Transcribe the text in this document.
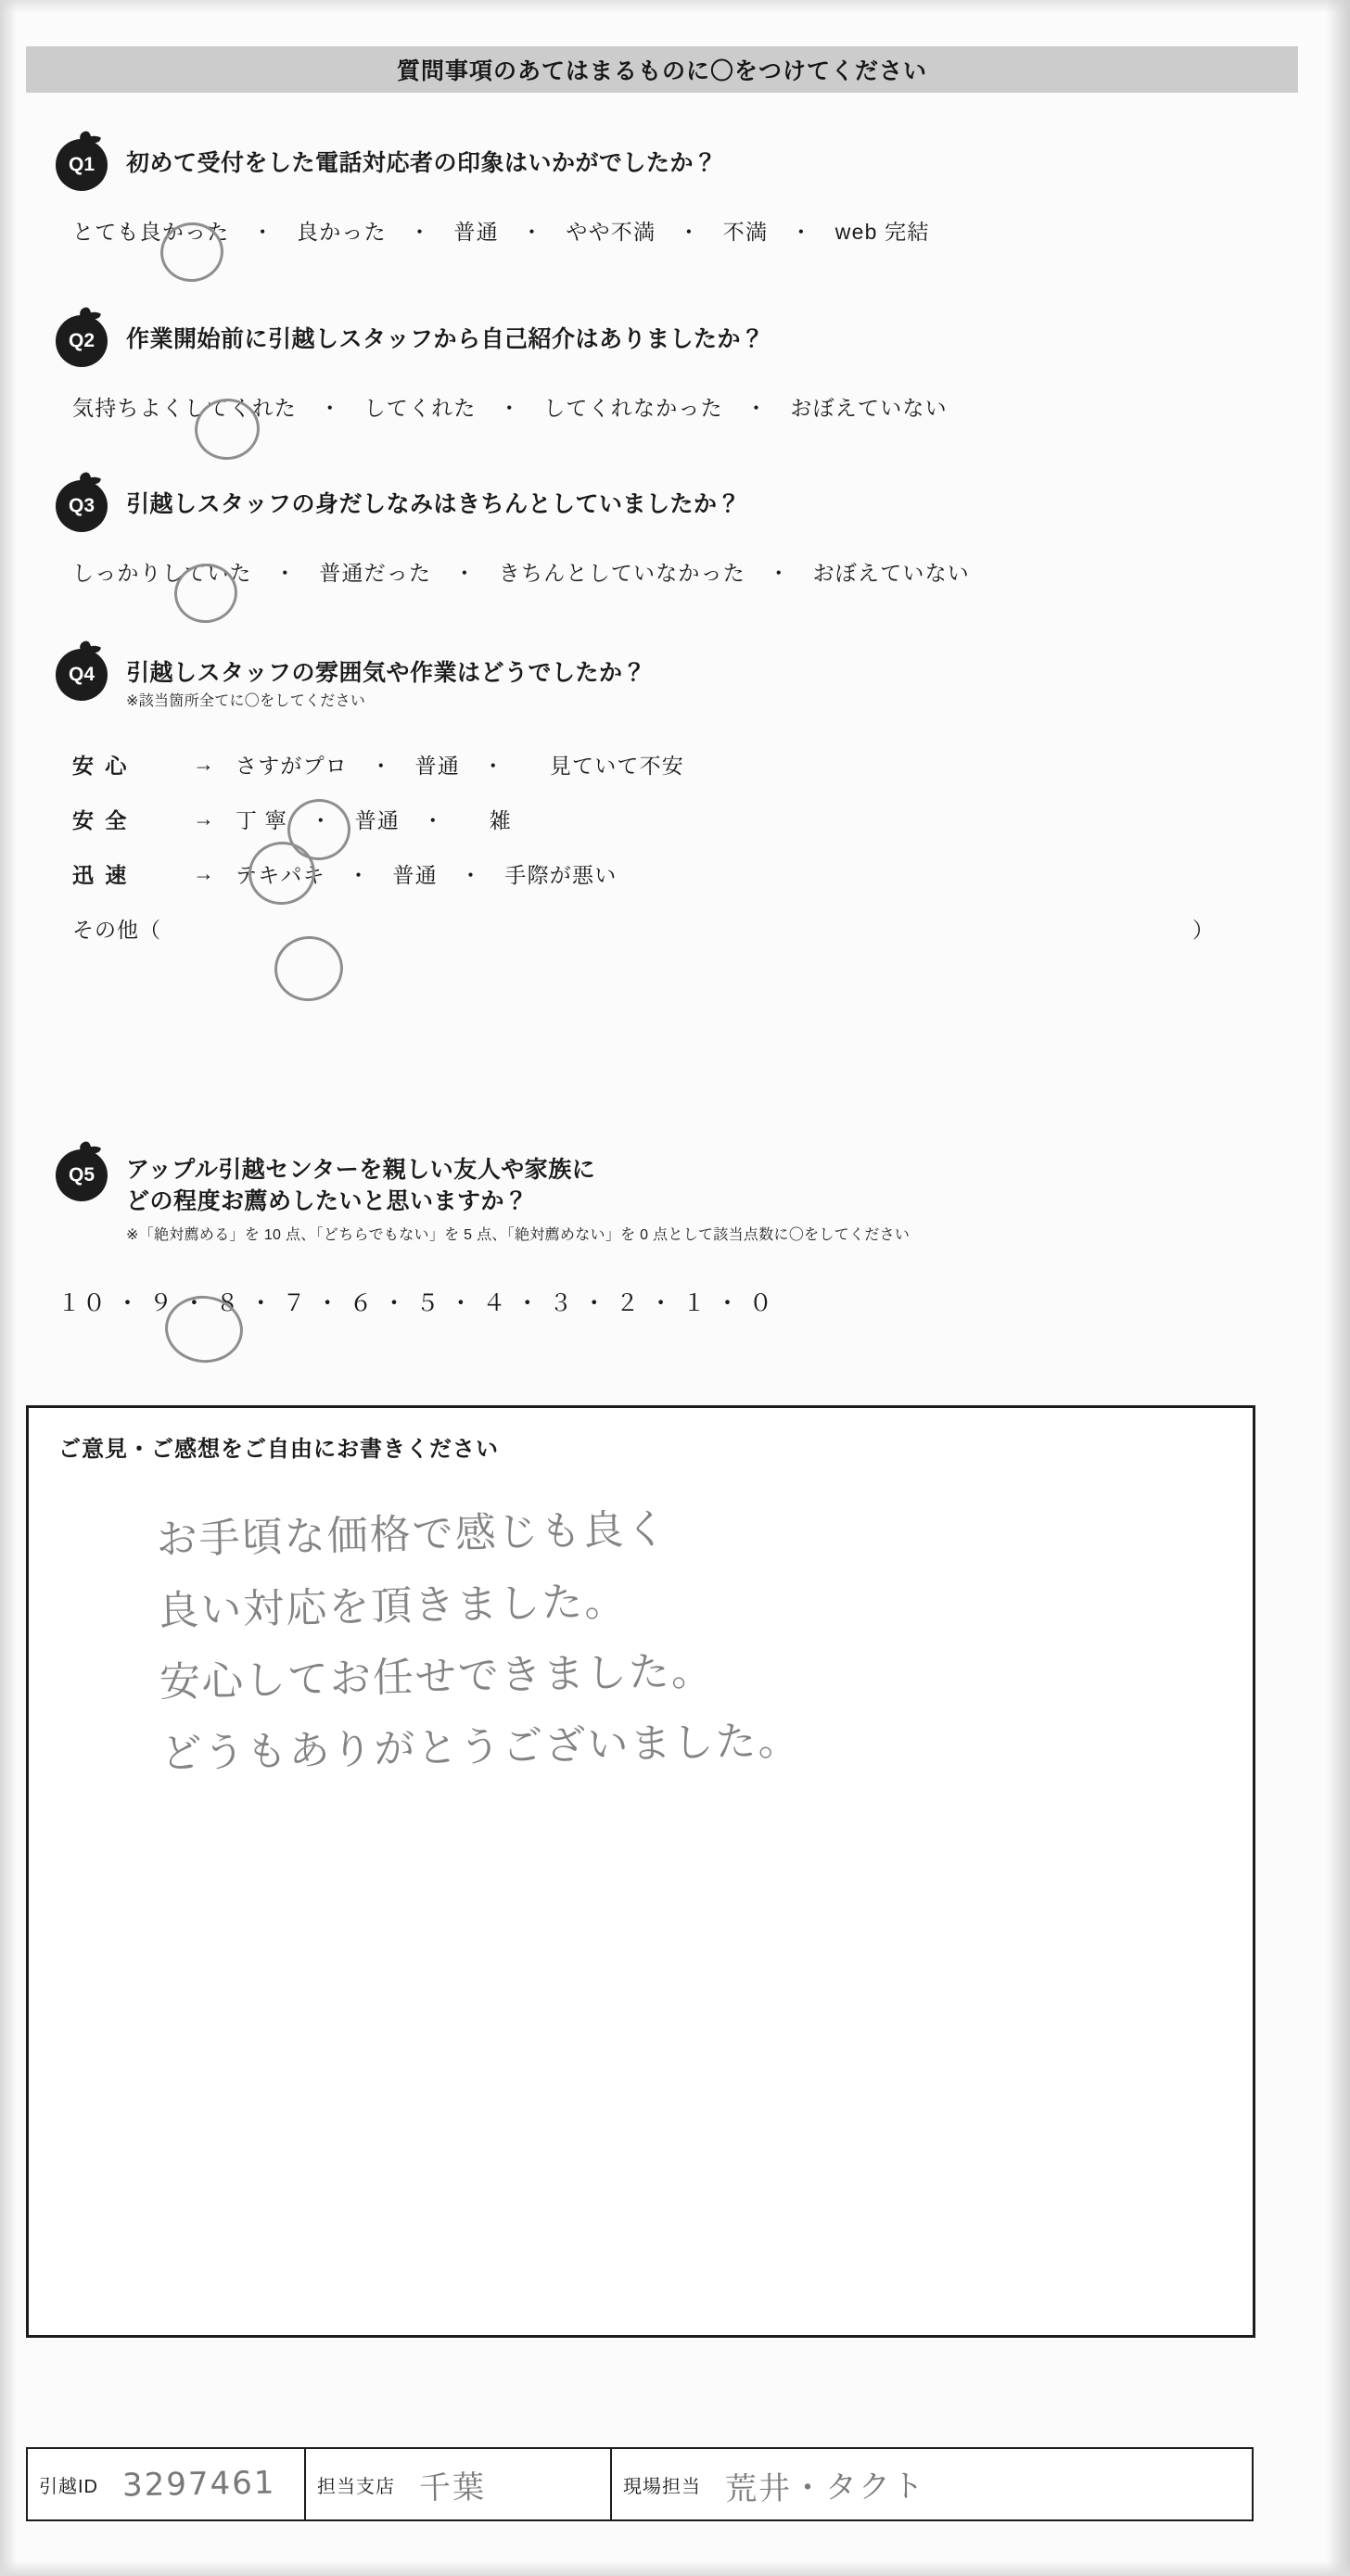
質問事項のあてはまるものに〇をつけてください
Q1 初めて受付をした電話対応者の印象はいかがでしたか？
とても良かった　・　良かった　・　普通　・　やや不満　・　不満　・　web 完結
Q2 作業開始前に引越しスタッフから自己紹介はありましたか？
気持ちよくしてくれた　・　してくれた　・　してくれなかった　・　おぼえていない
Q3 引越しスタッフの身だしなみはきちんとしていましたか？
しっかりしていた　・　普通だった　・　きちんとしていなかった　・　おぼえていない
Q4 引越しスタッフの雰囲気や作業はどうでしたか？
※該当箇所全てに〇をしてください
安 心	→ さすがプロ　・　普通　・　　見ていて不安
安 全	→ 丁 寧　・　普通　・　　雑
迅 速	→ テキパキ　・　普通　・　手際が悪い
その他（	）
Q5 アップル引越センターを親しい友人や家族に
どの程度お薦めしたいと思いますか？
※「絶対薦める」を 10 点、「どちらでもない」を 5 点、「絶対薦めない」を 0 点として該当点数に〇をしてください
１０ ・ ９ ・ ８ ・ ７ ・ ６ ・ ５ ・ ４ ・ ３ ・ ２ ・ １ ・ ０
ご意見・ご感想をご自由にお書きください
お手頃な価格で感じも良く
良い対応を頂きました。
安心してお任せできました。
どうもありがとうございました。
引越ID 3297461	担当支店 千葉	現場担当 荒井・タクト
